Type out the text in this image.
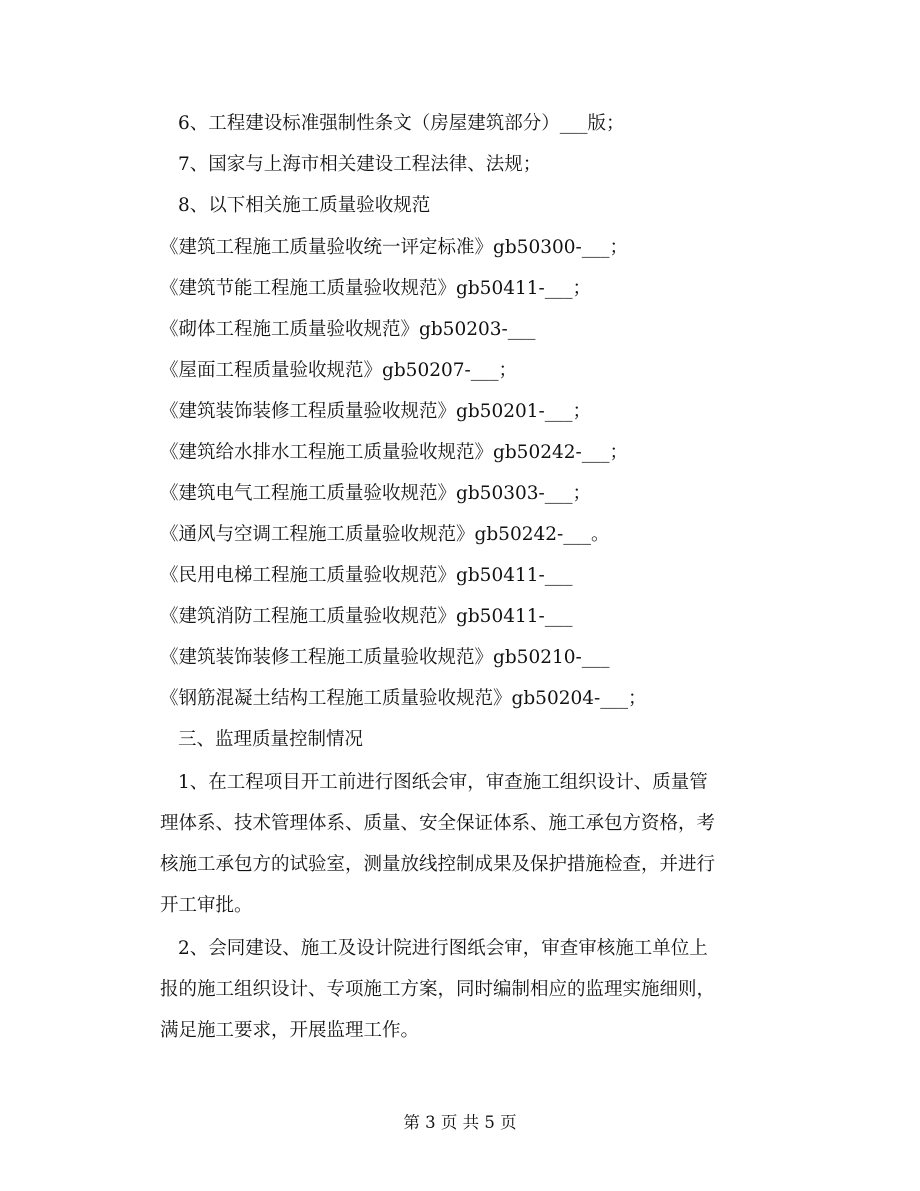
6、工程建设标准强制性条文（房屋建筑部分）___版；
7、国家与上海市相关建设工程法律、法规；
8、以下相关施工质量验收规范
《建筑工程施工质量验收统一评定标准》gb50300-___；
《建筑节能工程施工质量验收规范》gb50411-___；
《砌体工程施工质量验收规范》gb50203-___
《屋面工程质量验收规范》gb50207-___；
《建筑装饰装修工程质量验收规范》gb50201-___；
《建筑给水排水工程施工质量验收规范》gb50242-___；
《建筑电气工程施工质量验收规范》gb50303-___；
《通风与空调工程施工质量验收规范》gb50242-___。
《民用电梯工程施工质量验收规范》gb50411-___
《建筑消防工程施工质量验收规范》gb50411-___
《建筑装饰装修工程施工质量验收规范》gb50210-___
《钢筋混凝土结构工程施工质量验收规范》gb50204-___；
三、监理质量控制情况
1、在工程项目开工前进行图纸会审，审查施工组织设计、质量管
理体系、技术管理体系、质量、安全保证体系、施工承包方资格，考
核施工承包方的试验室，测量放线控制成果及保护措施检查，并进行
开工审批。
2、会同建设、施工及设计院进行图纸会审，审查审核施工单位上
报的施工组织设计、专项施工方案，同时编制相应的监理实施细则，
满足施工要求，开展监理工作。
第 3 页 共 5 页
